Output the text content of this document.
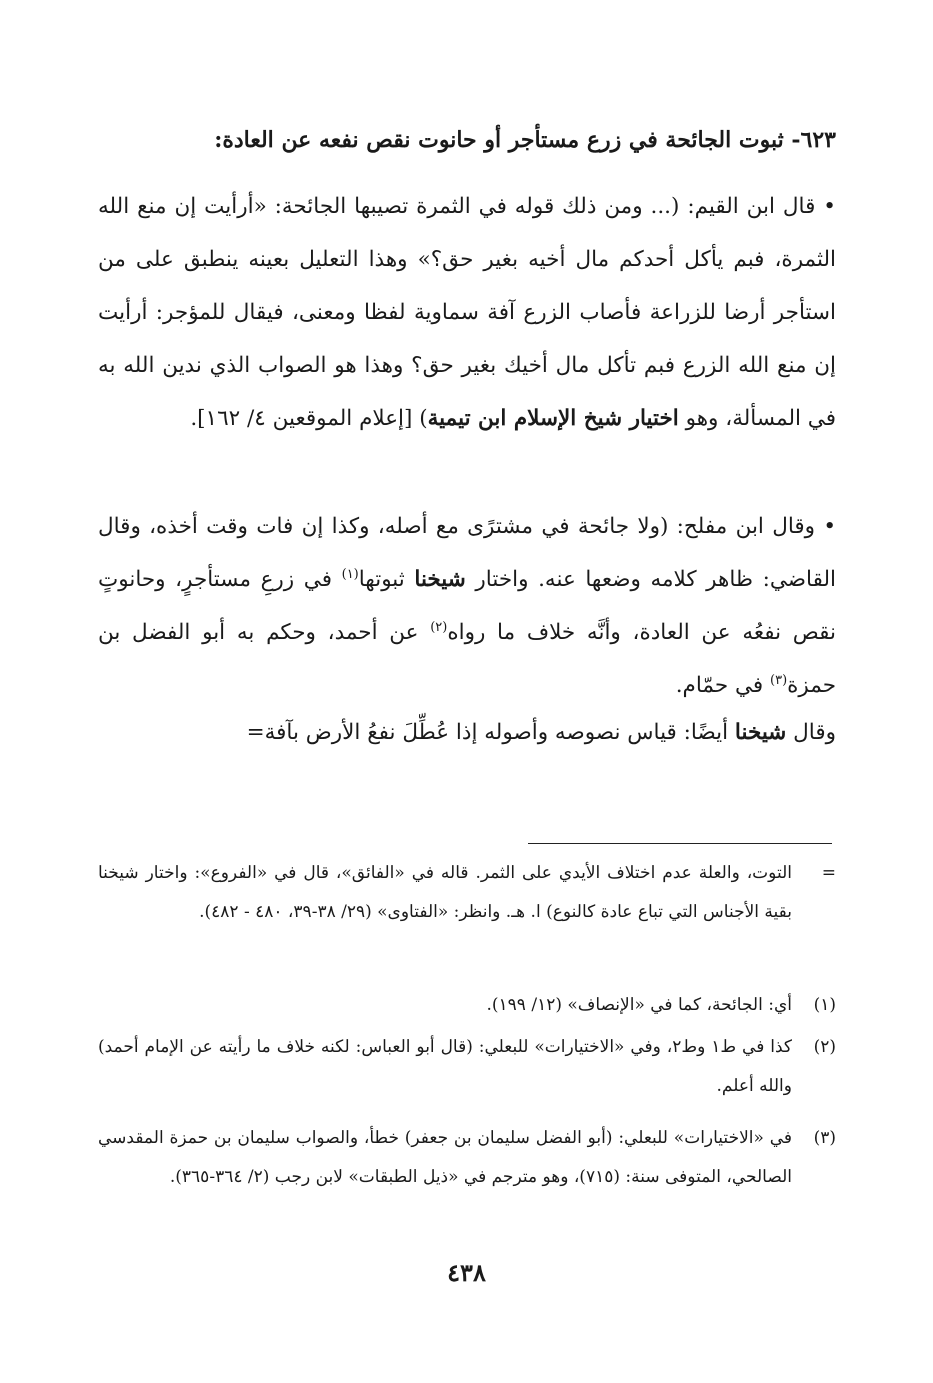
٦٢٣- ثبوت الجائحة في زرع مستأجر أو حانوت نقص نفعه عن العادة:
• قال ابن القيم: (... ومن ذلك قوله في الثمرة تصيبها الجائحة: «أرأيت إن منع الله الثمرة، فبم يأكل أحدكم مال أخيه بغير حق؟» وهذا التعليل بعينه ينطبق على من استأجر أرضا للزراعة فأصاب الزرع آفة سماوية لفظا ومعنى، فيقال للمؤجر: أرأيت إن منع الله الزرع فبم تأكل مال أخيك بغير حق؟ وهذا هو الصواب الذي ندين الله به في المسألة، وهو اختيار شيخ الإسلام ابن تيمية) [إعلام الموقعين ٤/ ١٦٢].
• وقال ابن مفلح: (ولا جائحة في مشترًى مع أصله، وكذا إن فات وقت أخذه، وقال القاضي: ظاهر كلامه وضعها عنه. واختار شيخنا ثبوتها$^{(١)}$ في زرعِ مستأجرٍ، وحانوتٍ نقص نفعُه عن العادة، وأنَّه خلاف ما رواه$^{(٢)}$ عن أحمد، وحكم به أبو الفضل بن حمزة$^{(٣)}$ في حمّام.
وقال شيخنا أيضًا: قياس نصوصه وأصوله إذا عُطِّلَ نفعُ الأرض بآفة=
=
التوت، والعلة عدم اختلاف الأيدي على الثمر. قاله في «الفائق»، قال في «الفروع»: واختار شيخنا بقية الأجناس التي تباع عادة كالنوع) ا. هـ. وانظر: «الفتاوى» (٢٩/ ٣٨-٣٩، ٤٨٠ - ٤٨٢).
(١)
أي: الجائحة، كما في «الإنصاف» (١٢/ ١٩٩).
(٢)
كذا في ط١ وط٢، وفي «الاختيارات» للبعلي: (قال أبو العباس: لكنه خلاف ما رأيته عن الإمام أحمد) والله أعلم.
(٣)
في «الاختيارات» للبعلي: (أبو الفضل سليمان بن جعفر) خطأ، والصواب سليمان بن حمزة المقدسي الصالحي، المتوفى سنة: (٧١٥)، وهو مترجم في «ذيل الطبقات» لابن رجب (٢/ ٣٦٤-٣٦٥).
٤٣٨
